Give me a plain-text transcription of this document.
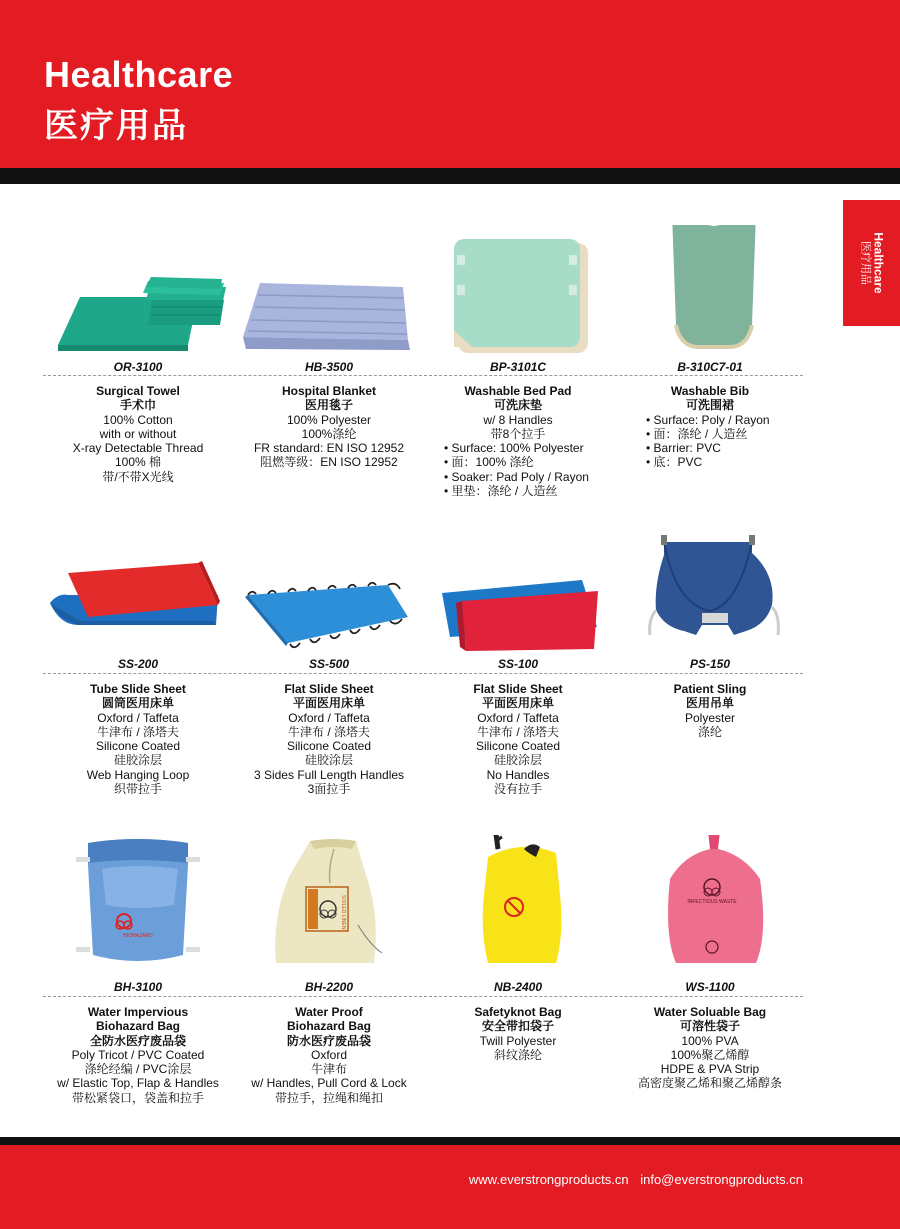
Healthcare
医疗用品
Healthcare
医疗用品
OR-3100	HB-3500	BP-3101C	B-310C7-01
Surgical Towel
手术巾
100% Cotton
with or without
X-ray Detectable Thread
100% 棉
带/不带X光线
Hospital Blanket
医用毯子
100% Polyester
100%涤纶
FR standard: EN ISO 12952
阻燃等级：EN ISO 12952
Washable Bed Pad
可洗床垫
w/ 8 Handles
带8个拉手
• Surface: 100% Polyester
• 面：100% 涤纶
• Soaker: Pad Poly / Rayon
• 里垫：涤纶 / 人造丝
Washable Bib
可洗围裙
• Surface: Poly / Rayon
• 面：涤纶 / 人造丝
• Barrier: PVC
• 底：PVC
SS-200	SS-500	SS-100	PS-150
Tube Slide Sheet
圆筒医用床单
Oxford / Taffeta
牛津布 / 涤塔夫
Silicone Coated
硅胶涂层
Web Hanging Loop
织带拉手
Flat Slide Sheet
平面医用床单
Oxford / Taffeta
牛津布 / 涤塔夫
Silicone Coated
硅胶涂层
3 Sides Full Length Handles
3面拉手
Flat Slide Sheet
平面医用床单
Oxford / Taffeta
牛津布 / 涤塔夫
Silicone Coated
硅胶涂层
No Handles
没有拉手
Patient Sling
医用吊单
Polyester
涤纶
BIOHAZARD
SOILED LINEN	INFECTIOUS WASTE
BH-3100	BH-2200	NB-2400	WS-1100
Water Impervious
Biohazard Bag
全防水医疗废品袋
Poly Tricot / PVC Coated
涤纶经编 / PVC涂层
w/ Elastic Top, Flap & Handles
带松紧袋口，袋盖和拉手
Water Proof
Biohazard Bag
防水医疗废品袋
Oxford
牛津布
w/ Handles, Pull Cord & Lock
带拉手，拉绳和绳扣
Safetyknot Bag
安全带扣袋子
Twill Polyester
斜纹涤纶
Water Soluable Bag
可溶性袋子
100% PVA
100%聚乙烯醇
HDPE & PVA Strip
高密度聚乙烯和聚乙烯醇条
www.everstrongproducts.cn info@everstrongproducts.cn
